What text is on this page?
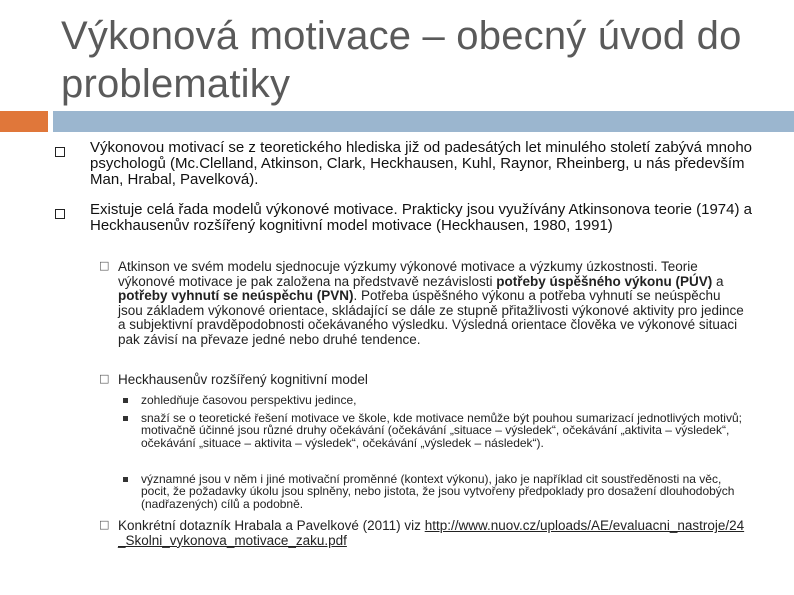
Výkonová motivace – obecný úvod do problematiky
Výkonovou motivací se z teoretického hlediska již od padesátých let minulého století zabývá mnoho psychologů (Mc.Clelland, Atkinson, Clark, Heckhausen, Kuhl, Raynor, Rheinberg, u nás především Man, Hrabal, Pavelková).
Existuje celá řada modelů výkonové motivace. Prakticky jsou využívány Atkinsonova teorie (1974) a Heckhausenův rozšířený kognitivní model motivace (Heckhausen, 1980, 1991)
□ Atkinson ve svém modelu sjednocuje výzkumy výkonové motivace a výzkumy úzkostnosti. Teorie výkonové motivace je pak založena na předstvavě nezávislosti potřeby úspěšného výkonu (PÚV) a potřeby vyhnutí se neúspěchu (PVN). Potřeba úspěšného výkonu a potřeba vyhnutí se neúspěchu jsou základem výkonové orientace, skládající se dále ze stupně přitažlivosti výkonové aktivity pro jedince a subjektivní pravděpodobnosti očekávaného výsledku. Výsledná orientace člověka ve výkonové situaci pak závisí na převaze jedné nebo druhé tendence.
□ Heckhausenův rozšířený kognitivní model
zohledňuje časovou perspektivu jedince,
snaží se o teoretické řešení motivace ve škole, kde motivace nemůže být pouhou sumarizací jednotlivých motivů; motivačně účinné jsou různé druhy očekávání (očekávání „situace – výsledek“, očekávání „aktivita – výsledek“, očekávání „situace – aktivita – výsledek“, očekávání „výsledek – následek“).
významné jsou v něm i jiné motivační proměnné (kontext výkonu), jako je například cit soustředěnosti na věc, pocit, že požadavky úkolu jsou splněny, nebo jistota, že jsou vytvořeny předpoklady pro dosažení dlouhodobých (nadřazených) cílů a podobně.
□ Konkrétní dotazník Hrabala a Pavelkové (2011) viz http://www.nuov.cz/uploads/AE/evaluacni_nastroje/24_Skolni_vykonova_motivace_zaku.pdf
